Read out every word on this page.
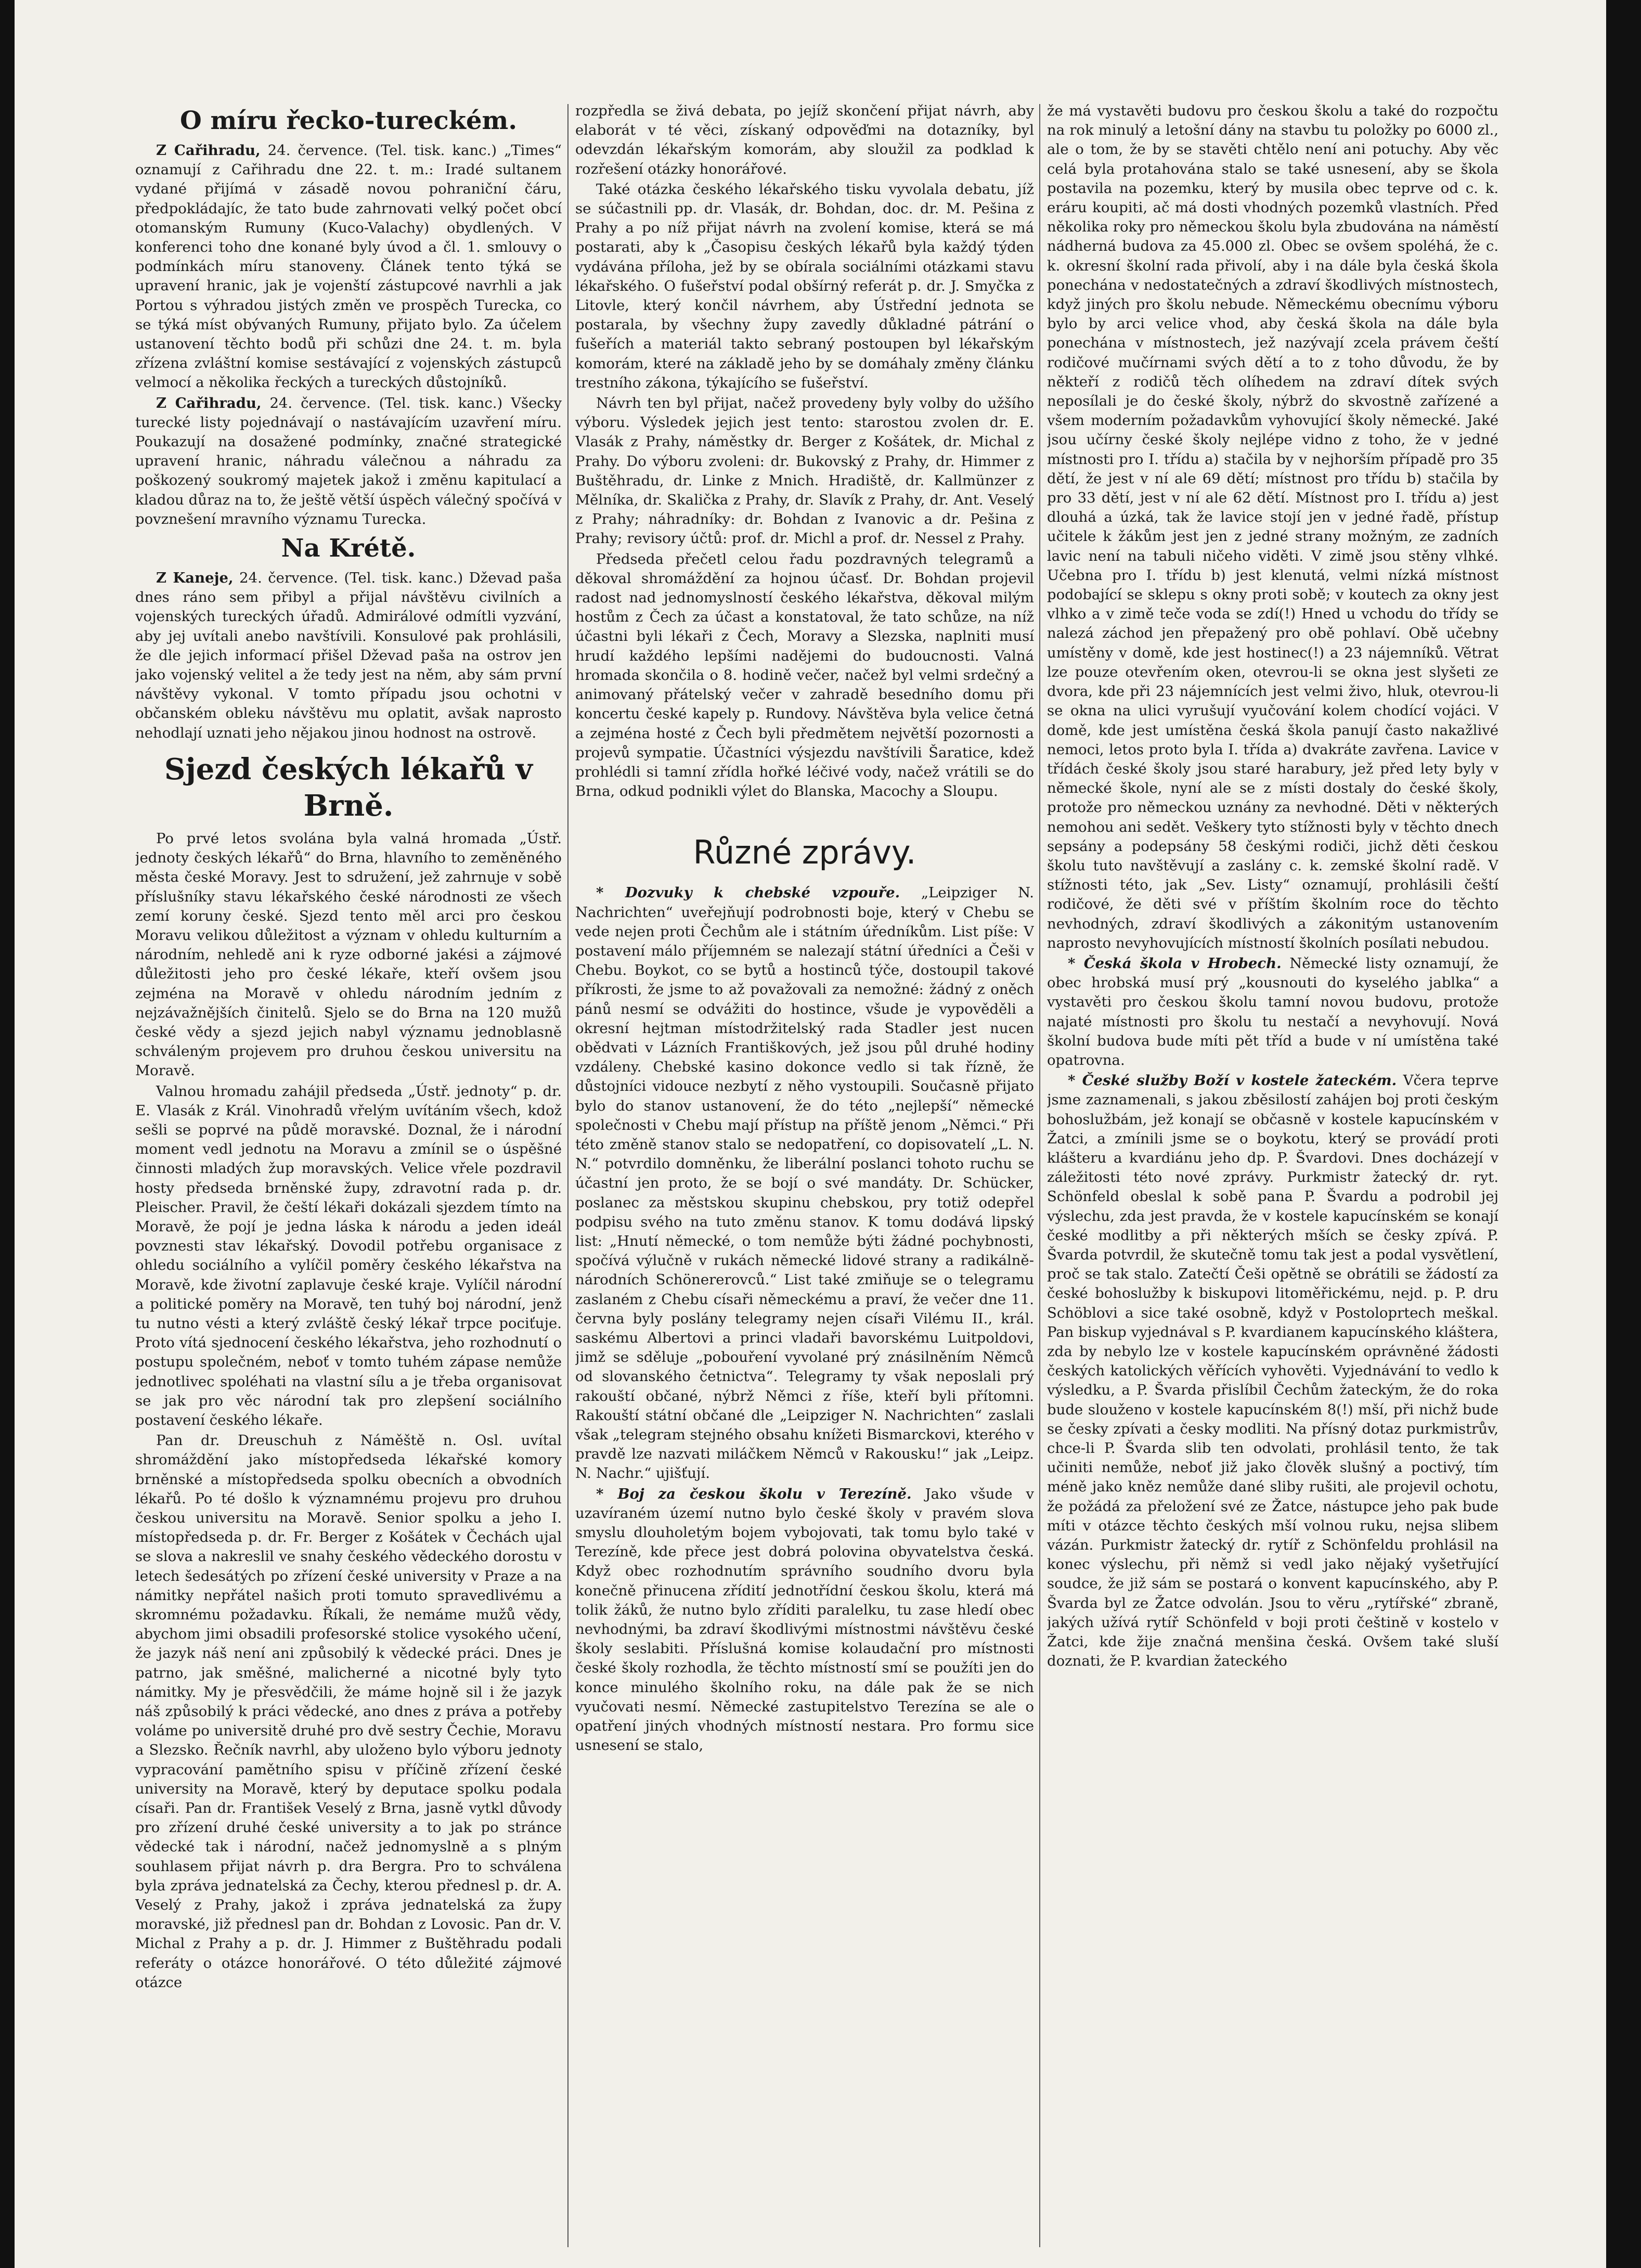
O míru řecko-tureckém.

Z Cařihradu, 24. července. (Tel. tisk. kanc.) „Times“ oznamují z Cařihradu dne 22. t. m.: Iradé sultanem vydané přijímá v zásadě novou pohraniční čáru, předpokládajíc, že tato bude zahrnovati velký počet obcí otomanským Rumuny (Kuco-Valachy) obydlených. V konferenci toho dne konané byly úvod a čl. 1. smlouvy o podmínkách míru stanoveny. Článek tento týká se upravení hranic, jak je vojenští zástupcové navrhli a jak Portou s výhradou jistých změn ve prospěch Turecka, co se týká míst obývaných Rumuny, přijato bylo. Za účelem ustanovení těchto bodů při schůzi dne 24. t. m. byla zřízena zvláštní komise sestávající z vojenských zástupců velmocí a několika řeckých a tureckých důstojníků.

Z Cařihradu, 24. července. (Tel. tisk. kanc.) Všecky turecké listy pojednávají o nastávajícím uzavření míru. Poukazují na dosažené podmínky, značné strategické upravení hranic, náhradu válečnou a náhradu za poškozený soukromý majetek jakož i změnu kapitulací a kladou důraz na to, že ještě větší úspěch válečný spočívá v povznešení mravního významu Turecka.

Na Krétě.

Z Kaneje, 24. července. (Tel. tisk. kanc.) Dževad paša dnes ráno sem přibyl a přijal návštěvu civilních a vojenských tureckých úřadů. Admirálové odmítli vyzvání, aby jej uvítali anebo navštívili. Konsulové pak prohlásili, že dle jejich informací přišel Dževad paša na ostrov jen jako vojenský velitel a že tedy jest na něm, aby sám první návštěvy vykonal. V tomto případu jsou ochotni v občanském obleku návštěvu mu oplatit, avšak naprosto nehodlají uznati jeho nějakou jinou hodnost na ostrově.

Sjezd českých lékařů v Brně.

Po prvé letos svolána byla valná hromada „Ústř. jednoty českých lékařů“ do Brna, hlavního to zeměněného města české Moravy. Jest to sdružení, jež zahrnuje v sobě příslušníky stavu lékařského české národnosti ze všech zemí koruny české. Sjezd tento měl arci pro českou Moravu velikou důležitost a význam v ohledu kulturním a národním, nehledě ani k ryze odborné jakési a zájmové důležitosti jeho pro české lékaře, kteří ovšem jsou zejména na Moravě v ohledu národním jedním z nejzávažnějších činitelů. Sjelo se do Brna na 120 mužů české vědy a sjezd jejich nabyl významu jednoblasně schváleným projevem pro druhou českou universitu na Moravě.

Valnou hromadu zahájil předseda „Ústř. jednoty“ p. dr. E. Vlasák z Král. Vinohradů vřelým uvítáním všech, kdož sešli se poprvé na půdě moravské. Doznal, že i národní moment vedl jednotu na Moravu a zmínil se o úspěšné činnosti mladých žup moravských. Velice vřele pozdravil hosty předseda brněnské župy, zdravotní rada p. dr. Pleischer. Pravil, že čeští lékaři dokázali sjezdem tímto na Moravě, že pojí je jedna láska k národu a jeden ideál povznesti stav lékařský. Dovodil potřebu organisace z ohledu sociálního a vylíčil poměry českého lékařstva na Moravě, kde životní zaplavuje české kraje. Vylíčil národní a politické poměry na Moravě, ten tuhý boj národní, jenž tu nutno vésti a který zvláště český lékař trpce pociťuje. Proto vítá sjednocení českého lékařstva, jeho rozhodnutí o postupu společném, neboť v tomto tuhém zápase nemůže jednotlivec spoléhati na vlastní sílu a je třeba organisovat se jak pro věc národní tak pro zlepšení sociálního postavení českého lékaře.

Pan dr. Dreuschuh z Náměště n. Osl. uvítal shromáždění jako místopředseda lékařské komory brněnské a místopředseda spolku obecních a obvodních lékařů. Po té došlo k významnému projevu pro druhou českou universitu na Moravě. Senior spolku a jeho I. místopředseda p. dr. Fr. Berger z Košátek v Čechách ujal se slova a nakreslil ve snahy českého vědeckého dorostu v letech šedesátých po zřízení české university v Praze a na námitky nepřátel našich proti tomuto spravedlivému a skromnému požadavku. Říkali, že nemáme mužů vědy, abychom jimi obsadili profesorské stolice vysokého učení, že jazyk náš není ani způsobilý k vědecké práci. Dnes je patrno, jak směšné, malicherné a nicotné byly tyto námitky. My je přesvědčili, že máme hojně sil i že jazyk náš způsobilý k práci vědecké, ano dnes z práva a potřeby voláme po universitě druhé pro dvě sestry Čechie, Moravu a Slezsko. Řečník navrhl, aby uloženo bylo výboru jednoty vypracování pamětního spisu v příčině zřízení české university na Moravě, který by deputace spolku podala císaři. Pan dr. František Veselý z Brna, jasně vytkl důvody pro zřízení druhé české university a to jak po stránce vědecké tak i národní, načež jednomyslně a s plným souhlasem přijat návrh p. dra Bergra. Pro to schválena byla zpráva jednatelská za Čechy, kterou přednesl p. dr. A. Veselý z Prahy, jakož i zpráva jednatelská za župy moravské, již přednesl pan dr. Bohdan z Lovosic. Pan dr. V. Michal z Prahy a p. dr. J. Himmer z Buštěhradu podali referáty o otázce honorářové. O této důležité zájmové otázce

rozpředla se živá debata, po jejíž skončení přijat návrh, aby elaborát v té věci, získaný odpověďmi na dotazníky, byl odevzdán lékařským komorám, aby sloužil za podklad k rozřešení otázky honorářové.

Také otázka českého lékařského tisku vyvolala debatu, jíž se súčastnili pp. dr. Vlasák, dr. Bohdan, doc. dr. M. Pešina z Prahy a po níž přijat návrh na zvolení komise, která se má postarati, aby k „Časopisu českých lékařů byla každý týden vydávána příloha, jež by se obírala sociálními otázkami stavu lékařského. O fušeřství podal obšírný referát p. dr. J. Smyčka z Litovle, který končil návrhem, aby Ústřední jednota se postarala, by všechny župy zavedly důkladné pátrání o fušeřích a materiál takto sebraný postoupen byl lékařským komorám, které na základě jeho by se domáhaly změny článku trestního zákona, týkajícího se fušeřství.

Návrh ten byl přijat, načež provedeny byly volby do užšího výboru. Výsledek jejich jest tento: starostou zvolen dr. E. Vlasák z Prahy, náměstky dr. Berger z Košátek, dr. Michal z Prahy. Do výboru zvoleni: dr. Bukovský z Prahy, dr. Himmer z Buštěhradu, dr. Linke z Mnich. Hradiště, dr. Kallmünzer z Mělníka, dr. Skalička z Prahy, dr. Slavík z Prahy, dr. Ant. Veselý z Prahy; náhradníky: dr. Bohdan z Ivanovic a dr. Pešina z Prahy; revisory účtů: prof. dr. Michl a prof. dr. Nessel z Prahy.

Předseda přečetl celou řadu pozdravných telegramů a děkoval shromáždění za hojnou účasť. Dr. Bohdan projevil radost nad jednomyslností českého lékařstva, děkoval milým hostům z Čech za účast a konstatoval, že tato schůze, na níž účastni byli lékaři z Čech, Moravy a Slezska, naplniti musí hrudí každého lepšími nadějemi do budoucnosti. Valná hromada skončila o 8. hodině večer, načež byl velmi srdečný a animovaný přátelský večer v zahradě besedního domu při koncertu české kapely p. Rundovy. Návštěva byla velice četná a zejména hosté z Čech byli předmětem největší pozornosti a projevů sympatie. Účastníci výsjezdu navštívili Šaratice, kdež prohlédli si tamní zřídla hořké léčivé vody, načež vrátili se do Brna, odkud podnikli výlet do Blanska, Macochy a Sloupu.

Různé zprávy.

* Dozvuky k chebské vzpouře. „Leipziger N. Nachrichten“ uveřejňují podrobnosti boje, který v Chebu se vede nejen proti Čechům ale i státním úředníkům. List píše: V postavení málo příjemném se nalezají státní úředníci a Češi v Chebu. Boykot, co se bytů a hostinců týče, dostoupil takové příkrosti, že jsme to až považovali za nemožné: žádný z oněch pánů nesmí se odvážiti do hostince, všude je vypověděli a okresní hejtman místodržitelský rada Stadler jest nucen obědvati v Lázních Františkových, jež jsou půl druhé hodiny vzdáleny. Chebské kasino dokonce vedlo si tak řízně, že důstojníci vidouce nezbytí z něho vystoupili. Současně přijato bylo do stanov ustanovení, že do této „nejlepší“ německé společnosti v Chebu mají přístup na příště jenom „Němci.“ Při této změně stanov stalo se nedopatření, co dopisovatelí „L. N. N.“ potvrdilo domněnku, že liberální poslanci tohoto ruchu se účastní jen proto, že se bojí o své mandáty. Dr. Schücker, poslanec za městskou skupinu chebskou, pry totiž odepřel podpisu svého na tuto změnu stanov. K tomu dodává lipský list: „Hnutí německé, o tom nemůže býti žádné pochybnosti, spočívá výlučně v rukách německé lidové strany a radikálně-národních Schönererovců.“ List také zmiňuje se o telegramu zaslaném z Chebu císaři německému a praví, že večer dne 11. června byly poslány telegramy nejen císaři Vilému II., král. saskému Albertovi a princi vladaři bavorskému Luitpoldovi, jimž se sděluje „pobouření vyvolané prý znásilněním Němců od slovanského četnictva“. Telegramy ty však neposlali prý rakouští občané, nýbrž Němci z říše, kteří byli přítomni. Rakouští státní občané dle „Leipziger N. Nachrichten“ zaslali však „telegram stejného obsahu knížeti Bismarckovi, kterého v pravdě lze nazvati miláčkem Němců v Rakousku!“ jak „Leipz. N. Nachr.“ ujišťují.

* Boj za českou školu v Terezíně. Jako všude v uzavíraném území nutno bylo české školy v pravém slova smyslu dlouholetým bojem vybojovati, tak tomu bylo také v Terezíně, kde přece jest dobrá polovina obyvatelstva česká. Když obec rozhodnutím správního soudního dvoru byla konečně přinucena zřídití jednotřídní českou školu, která má tolik žáků, že nutno bylo zříditi paralelku, tu zase hledí obec nevhodnými, ba zdraví škodlivými místnostmi návštěvu české školy seslabiti. Příslušná komise kolaudační pro místnosti české školy rozhodla, že těchto místností smí se použíti jen do konce minulého školního roku, na dále pak že se nich vyučovati nesmí. Německé zastupitelstvo Terezína se ale o opatření jiných vhodných místností nestara. Pro formu sice usnesení se stalo,

že má vystavěti budovu pro českou školu a také do rozpočtu na rok minulý a letošní dány na stavbu tu položky po 6000 zl., ale o tom, že by se stavěti chtělo není ani potuchy. Aby věc celá byla protahována stalo se také usnesení, aby se škola postavila na pozemku, který by musila obec teprve od c. k. eráru koupiti, ač má dosti vhodných pozemků vlastních. Před několika roky pro německou školu byla zbudována na náměstí nádherná budova za 45.000 zl. Obec se ovšem spoléhá, že c. k. okresní školní rada přivolí, aby i na dále byla česká škola ponechána v nedostatečných a zdraví škodlivých místnostech, když jiných pro školu nebude. Německému obecnímu výboru bylo by arci velice vhod, aby česká škola na dále byla ponechána v místnostech, jež nazývají zcela právem čeští rodičové mučírnami svých dětí a to z toho důvodu, že by někteří z rodičů těch olíhedem na zdraví dítek svých neposílali je do české školy, nýbrž do skvostně zařízené a všem moderním požadavkům vyhovující školy německé. Jaké jsou učírny české školy nejlépe vidno z toho, že v jedné místnosti pro I. třídu a) stačila by v nejhorším případě pro 35 dětí, že jest v ní ale 69 dětí; místnost pro třídu b) stačila by pro 33 dětí, jest v ní ale 62 dětí. Místnost pro I. třídu a) jest dlouhá a úzká, tak že lavice stojí jen v jedné řadě, přístup učitele k žákům jest jen z jedné strany možným, ze zadních lavic není na tabuli ničeho viděti. V zimě jsou stěny vlhké. Učebna pro I. třídu b) jest klenutá, velmi nízká místnost podobající se sklepu s okny proti sobě; v koutech za okny jest vlhko a v zimě teče voda se zdí(!) Hned u vchodu do třídy se nalezá záchod jen přepažený pro obě pohlaví. Obě učebny umístěny v domě, kde jest hostinec(!) a 23 nájemníků. Větrat lze pouze otevřením oken, otevrou-li se okna jest slyšeti ze dvora, kde při 23 nájemnících jest velmi živo, hluk, otevrou-li se okna na ulici vyrušují vyučování kolem chodící vojáci. V domě, kde jest umístěna česká škola panují často nakažlivé nemoci, letos proto byla I. třída a) dvakráte zavřena. Lavice v třídách české školy jsou staré harabury, jež před lety byly v německé škole, nyní ale se z místi dostaly do české školy, protože pro německou uznány za nevhodné. Děti v některých nemohou ani sedět. Veškery tyto stížnosti byly v těchto dnech sepsány a podepsány 58 českými rodiči, jichž děti českou školu tuto navštěvují a zaslány c. k. zemské školní radě. V stížnosti této, jak „Sev. Listy“ oznamují, prohlásili čeští rodičové, že děti své v příštím školním roce do těchto nevhodných, zdraví škodlivých a zákonitým ustanovením naprosto nevyhovujících místností školních posílati nebudou.

* Česká škola v Hrobech. Německé listy oznamují, že obec hrobská musí prý „kousnouti do kyselého jablka“ a vystavěti pro českou školu tamní novou budovu, protože najaté místnosti pro školu tu nestačí a nevyhovují. Nová školní budova bude míti pět tříd a bude v ní umístěna také opatrovna.

* České služby Boží v kostele žateckém. Včera teprve jsme zaznamenali, s jakou zběsilostí zahájen boj proti českým bohoslužbám, jež konají se občasně v kostele kapucínském v Žatci, a zmínili jsme se o boykotu, který se provádí proti klášteru a kvardiánu jeho dp. P. Švardovi. Dnes docházejí v záležitosti této nové zprávy. Purkmistr žatecký dr. ryt. Schönfeld obeslal k sobě pana P. Švardu a podrobil jej výslechu, zda jest pravda, že v kostele kapucínském se konají české modlitby a při některých mších se česky zpívá. P. Švarda potvrdil, že skutečně tomu tak jest a podal vysvětlení, proč se tak stalo. Zatečtí Češi opětně se obrátili se žádostí za české bohoslužby k biskupovi litoměřickému, nejd. p. P. dru Schöblovi a sice také osobně, když v Postoloprtech meškal. Pan biskup vyjednával s P. kvardianem kapucínského kláštera, zda by nebylo lze v kostele kapucínském oprávněné žádosti českých katolických věřících vyhověti. Vyjednávání to vedlo k výsledku, a P. Švarda přislíbil Čechům žateckým, že do roka bude slouženo v kostele kapucínském 8(!) mší, při nichž bude se česky zpívati a česky modliti. Na přísný dotaz purkmistrův, chce-li P. Švarda slib ten odvolati, prohlásil tento, že tak učiniti nemůže, neboť již jako člověk slušný a poctivý, tím méně jako kněz nemůže dané sliby rušiti, ale projevil ochotu, že požádá za přeložení své ze Žatce, nástupce jeho pak bude míti v otázce těchto českých mší volnou ruku, nejsa slibem vázán. Purkmistr žatecký dr. rytíř z Schönfeldu prohlásil na konec výslechu, při němž si vedl jako nějaký vyšetřující soudce, že již sám se postará o konvent kapucínského, aby P. Švarda byl ze Žatce odvolán. Jsou to věru „rytířské“ zbraně, jakých užívá rytíř Schönfeld v boji proti češtině v kostelo v Žatci, kde žije značná menšina česká. Ovšem také sluší doznati, že P. kvardian žateckého
